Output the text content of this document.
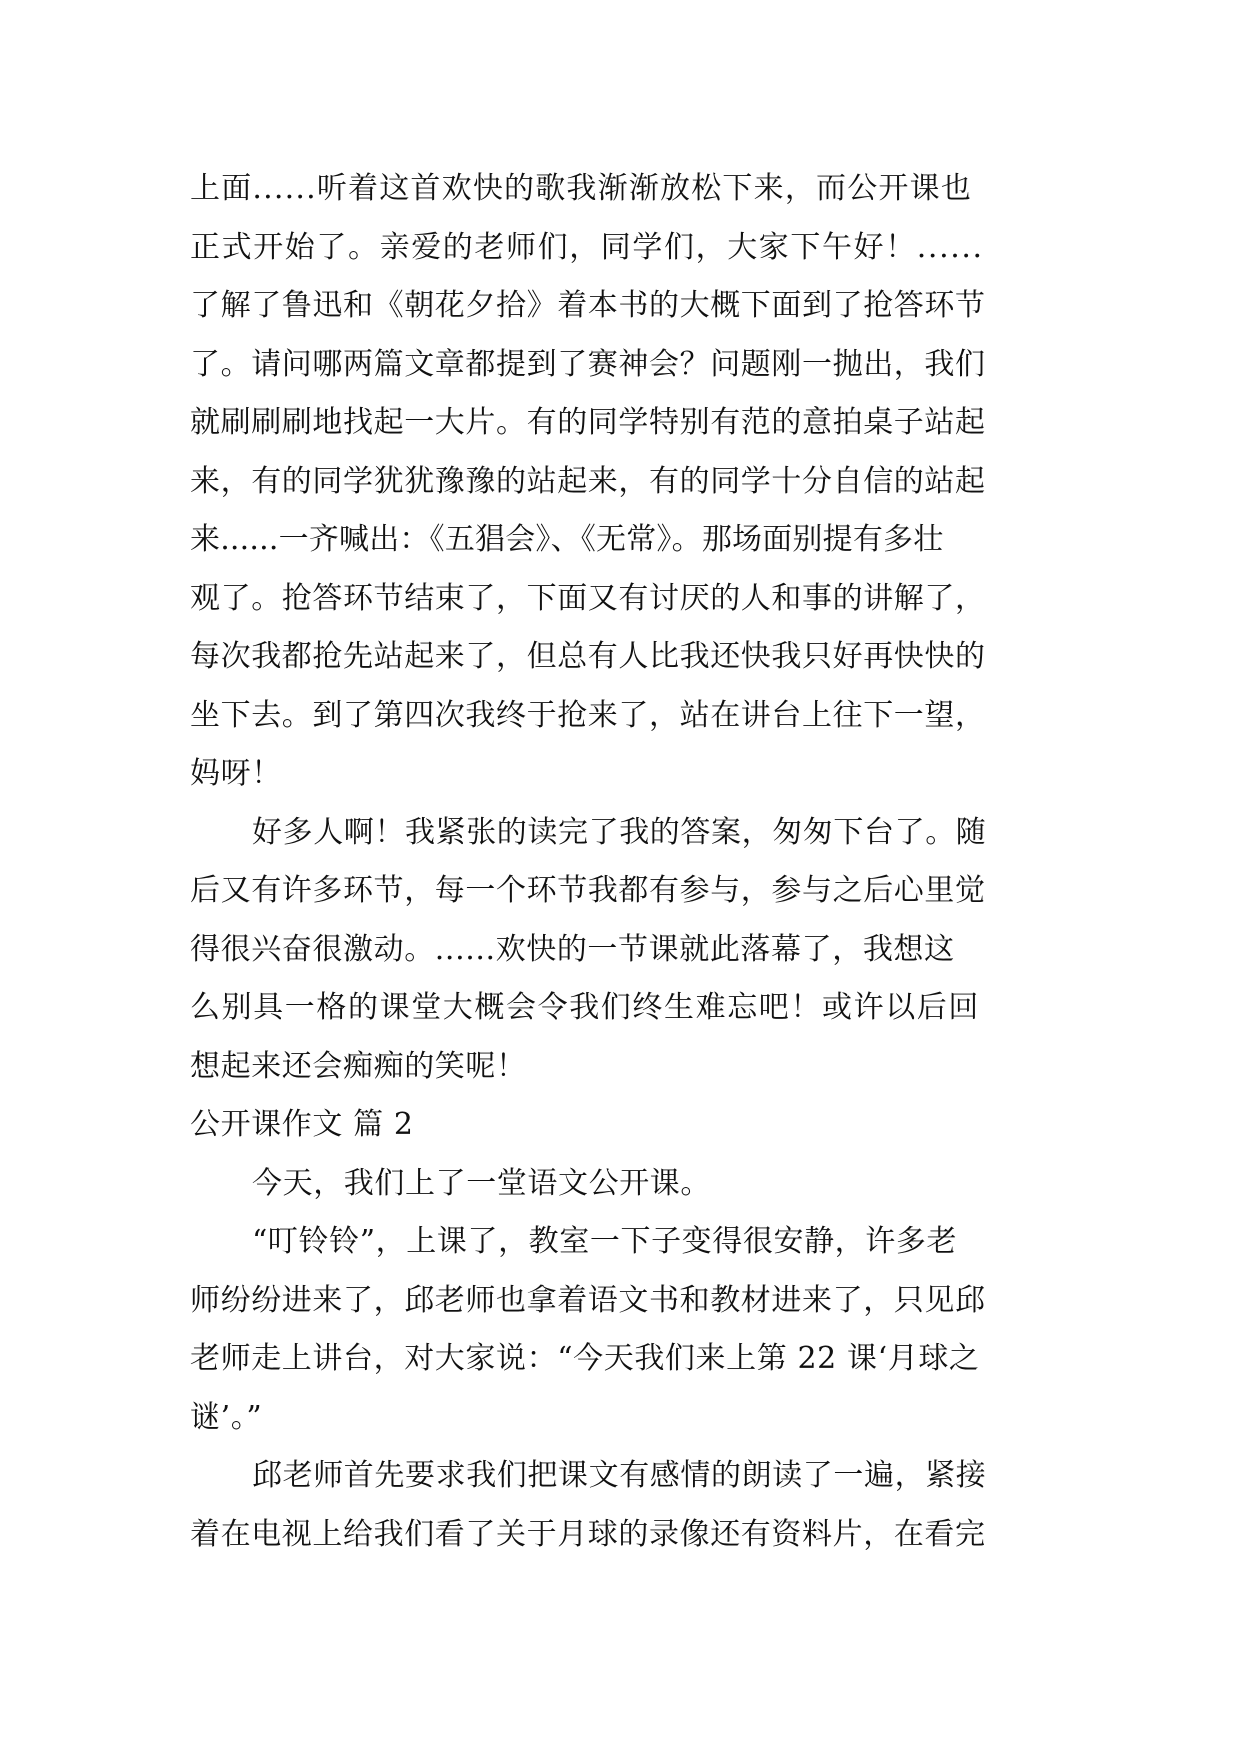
上面......听着这首欢快的歌我渐渐放松下来，而公开课也
正式开始了。亲爱的老师们，同学们，大家下午好！......
了解了鲁迅和《朝花夕拾》着本书的大概下面到了抢答环节
了。请问哪两篇文章都提到了赛神会？问题刚一抛出，我们
就刷刷刷地找起一大片。有的同学特别有范的意拍桌子站起
来，有的同学犹犹豫豫的站起来，有的同学十分自信的站起
来......一齐喊出：《五猖会》、《无常》。那场面别提有多壮
观了。抢答环节结束了，下面又有讨厌的人和事的讲解了，
每次我都抢先站起来了，但总有人比我还快我只好再快快的
坐下去。到了第四次我终于抢来了，站在讲台上往下一望，
妈呀！
好多人啊！我紧张的读完了我的答案，匆匆下台了。随
后又有许多环节，每一个环节我都有参与，参与之后心里觉
得很兴奋很激动。......欢快的一节课就此落幕了，我想这
么别具一格的课堂大概会令我们终生难忘吧！或许以后回
想起来还会痴痴的笑呢！
公开课作文 篇 2
今天，我们上了一堂语文公开课。
“叮铃铃”，上课了，教室一下子变得很安静，许多老
师纷纷进来了，邱老师也拿着语文书和教材进来了，只见邱
老师走上讲台，对大家说：“今天我们来上第 22 课‘月球之
谜’。”
邱老师首先要求我们把课文有感情的朗读了一遍，紧接
着在电视上给我们看了关于月球的录像还有资料片，在看完
